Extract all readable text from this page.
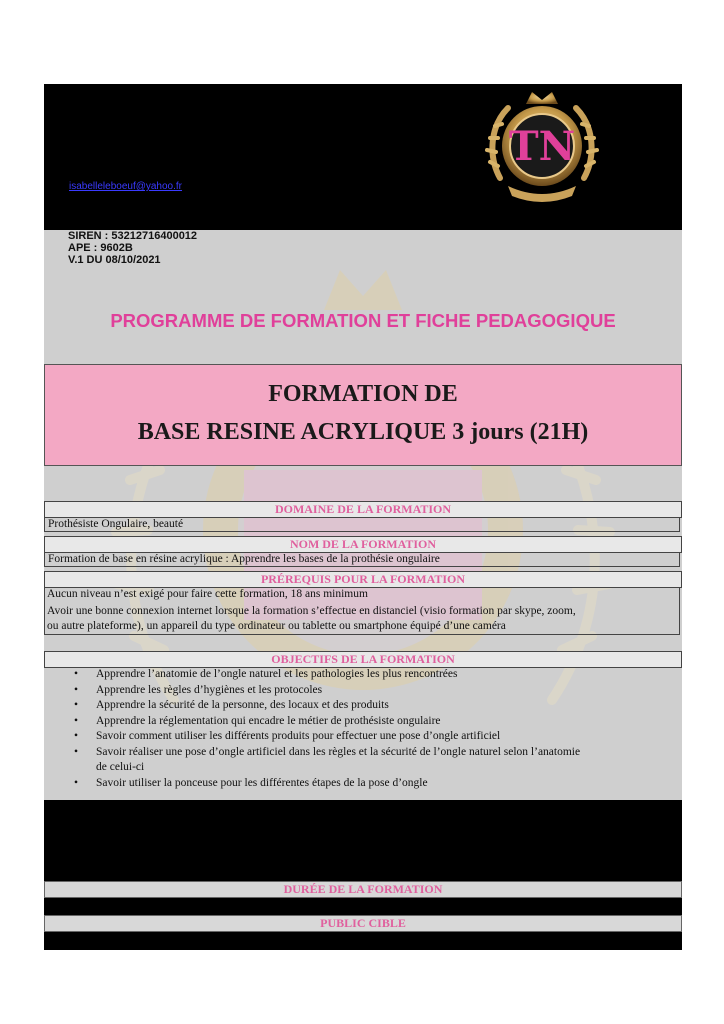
isabelleleboeuf@yahoo.fr
TN
SIREN : 53212716400012
APE : 9602B
V.1 DU 08/10/2021
PROGRAMME DE FORMATION ET FICHE PEDAGOGIQUE
FORMATION DE
BASE RESINE ACRYLIQUE 3 jours (21H)
DOMAINE DE LA FORMATION
Prothésiste Ongulaire, beauté
NOM DE LA FORMATION
Formation de base en résine acrylique : Apprendre les bases de la prothésie ongulaire
PRÉREQUIS POUR LA FORMATION
Aucun niveau n’est exigé pour faire cette formation, 18 ans minimum
Avoir une bonne connexion internet lorsque la formation s’effectue en distanciel (visio formation par skype, zoom,
ou autre plateforme), un appareil du type ordinateur ou tablette ou smartphone équipé d’une caméra
OBJECTIFS DE LA FORMATION
• Apprendre l’anatomie de l’ongle naturel et les pathologies les plus rencontrées
• Apprendre les règles d’hygiènes et les protocoles
• Apprendre la sécurité de la personne, des locaux et des produits
• Apprendre la réglementation qui encadre le métier de prothésiste ongulaire
• Savoir comment utiliser les différents produits pour effectuer une pose d’ongle artificiel
• Savoir réaliser une pose d’ongle artificiel dans les règles et la sécurité de l’ongle naturel selon l’anatomie
de celui-ci
• Savoir utiliser la ponceuse pour les différentes étapes de la pose d’ongle
DURÉE DE LA FORMATION
PUBLIC CIBLE
